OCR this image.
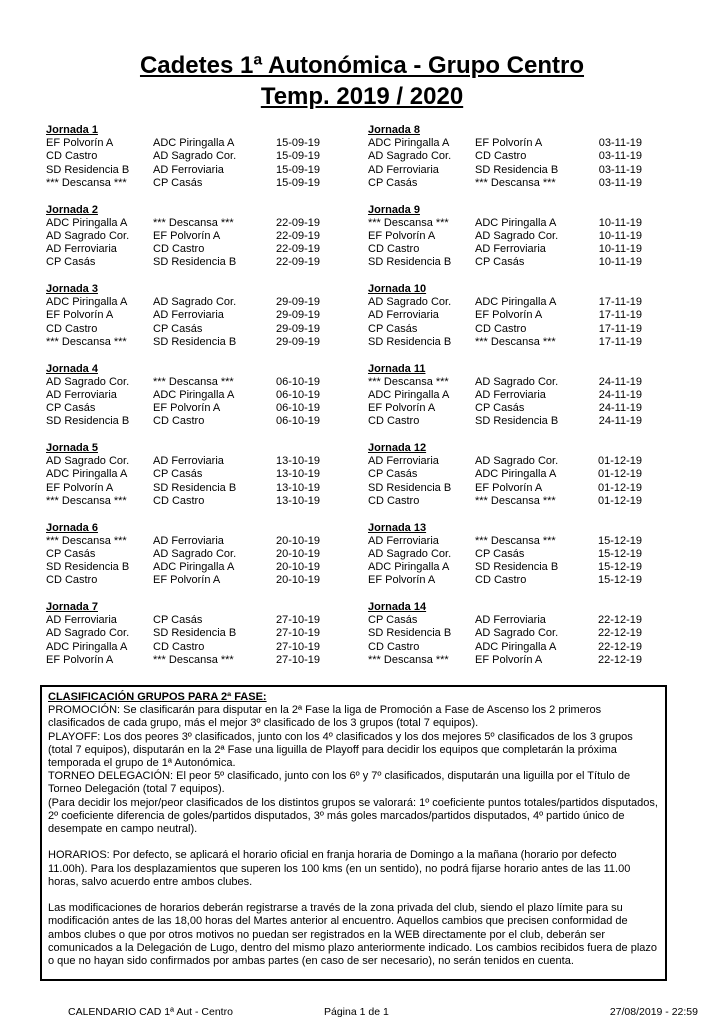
Cadetes 1ª Autonómica - Grupo Centro
Temp. 2019 / 2020
Jornada 1
EF Polvorín A	ADC Piringalla A	15-09-19
CD Castro	AD Sagrado Cor.	15-09-19
SD Residencia B	AD Ferroviaria	15-09-19
*** Descansa ***	CP Casás	15-09-19
Jornada 2
ADC Piringalla A	*** Descansa ***	22-09-19
AD Sagrado Cor.	EF Polvorín A	22-09-19
AD Ferroviaria	CD Castro	22-09-19
CP Casás	SD Residencia B	22-09-19
Jornada 3
ADC Piringalla A	AD Sagrado Cor.	29-09-19
EF Polvorín A	AD Ferroviaria	29-09-19
CD Castro	CP Casás	29-09-19
*** Descansa ***	SD Residencia B	29-09-19
Jornada 4
AD Sagrado Cor.	*** Descansa ***	06-10-19
AD Ferroviaria	ADC Piringalla A	06-10-19
CP Casás	EF Polvorín A	06-10-19
SD Residencia B	CD Castro	06-10-19
Jornada 5
AD Sagrado Cor.	AD Ferroviaria	13-10-19
ADC Piringalla A	CP Casás	13-10-19
EF Polvorín A	SD Residencia B	13-10-19
*** Descansa ***	CD Castro	13-10-19
Jornada 6
*** Descansa ***	AD Ferroviaria	20-10-19
CP Casás	AD Sagrado Cor.	20-10-19
SD Residencia B	ADC Piringalla A	20-10-19
CD Castro	EF Polvorín A	20-10-19
Jornada 7
AD Ferroviaria	CP Casás	27-10-19
AD Sagrado Cor.	SD Residencia B	27-10-19
ADC Piringalla A	CD Castro	27-10-19
EF Polvorín A	*** Descansa ***	27-10-19
Jornada 8
ADC Piringalla A	EF Polvorín A	03-11-19
AD Sagrado Cor.	CD Castro	03-11-19
AD Ferroviaria	SD Residencia B	03-11-19
CP Casás	*** Descansa ***	03-11-19
Jornada 9
*** Descansa ***	ADC Piringalla A	10-11-19
EF Polvorín A	AD Sagrado Cor.	10-11-19
CD Castro	AD Ferroviaria	10-11-19
SD Residencia B	CP Casás	10-11-19
Jornada 10
AD Sagrado Cor.	ADC Piringalla A	17-11-19
AD Ferroviaria	EF Polvorín A	17-11-19
CP Casás	CD Castro	17-11-19
SD Residencia B	*** Descansa ***	17-11-19
Jornada 11
*** Descansa ***	AD Sagrado Cor.	24-11-19
ADC Piringalla A	AD Ferroviaria	24-11-19
EF Polvorín A	CP Casás	24-11-19
CD Castro	SD Residencia B	24-11-19
Jornada 12
AD Ferroviaria	AD Sagrado Cor.	01-12-19
CP Casás	ADC Piringalla A	01-12-19
SD Residencia B	EF Polvorín A	01-12-19
CD Castro	*** Descansa ***	01-12-19
Jornada 13
AD Ferroviaria	*** Descansa ***	15-12-19
AD Sagrado Cor.	CP Casás	15-12-19
ADC Piringalla A	SD Residencia B	15-12-19
EF Polvorín A	CD Castro	15-12-19
Jornada 14
CP Casás	AD Ferroviaria	22-12-19
SD Residencia B	AD Sagrado Cor.	22-12-19
CD Castro	ADC Piringalla A	22-12-19
*** Descansa ***	EF Polvorín A	22-12-19

CLASIFICACIÓN GRUPOS PARA 2ª FASE:

PROMOCIÓN: Se clasificarán para disputar en la 2ª Fase la liga de Promoción a Fase de Ascenso los 2 primeros clasificados de cada grupo, más el mejor 3º clasificado de los 3 grupos (total 7 equipos).

PLAYOFF: Los dos peores 3º clasificados, junto con los 4º clasificados y los dos mejores 5º clasificados de los 3 grupos (total 7 equipos), disputarán en la 2ª Fase una liguilla de Playoff para decidir los equipos que completarán la próxima temporada el grupo de 1ª Autonómica.

TORNEO DELEGACIÓN: El peor 5º clasificado, junto con los 6º y 7º clasificados, disputarán una liguilla por el Título de Torneo Delegación (total 7 equipos).

(Para decidir los mejor/peor clasificados de los distintos grupos se valorará: 1º coeficiente puntos totales/partidos disputados, 2º coeficiente diferencia de goles/partidos disputados, 3º más goles marcados/partidos disputados, 4º partido único de desempate en campo neutral).

HORARIOS: Por defecto, se aplicará el horario oficial en franja horaria de Domingo a la mañana (horario por defecto 11.00h). Para los desplazamientos que superen los 100 kms (en un sentido), no podrá fijarse horario antes de las 11.00 horas, salvo acuerdo entre ambos clubes.

Las modificaciones de horarios deberán registrarse a través de la zona privada del club, siendo el plazo límite para su modificación antes de las 18,00 horas del Martes anterior al encuentro. Aquellos cambios que precisen conformidad de ambos clubes o que por otros motivos no puedan ser registrados en la WEB directamente por el club, deberán ser comunicados a la Delegación de Lugo, dentro del mismo plazo anteriormente indicado. Los cambios recibidos fuera de plazo o que no hayan sido confirmados por ambas partes (en caso de ser necesario), no serán tenidos en cuenta.

CALENDARIO CAD 1ª Aut - Centro	Página 1 de 1	27/08/2019 - 22:59
